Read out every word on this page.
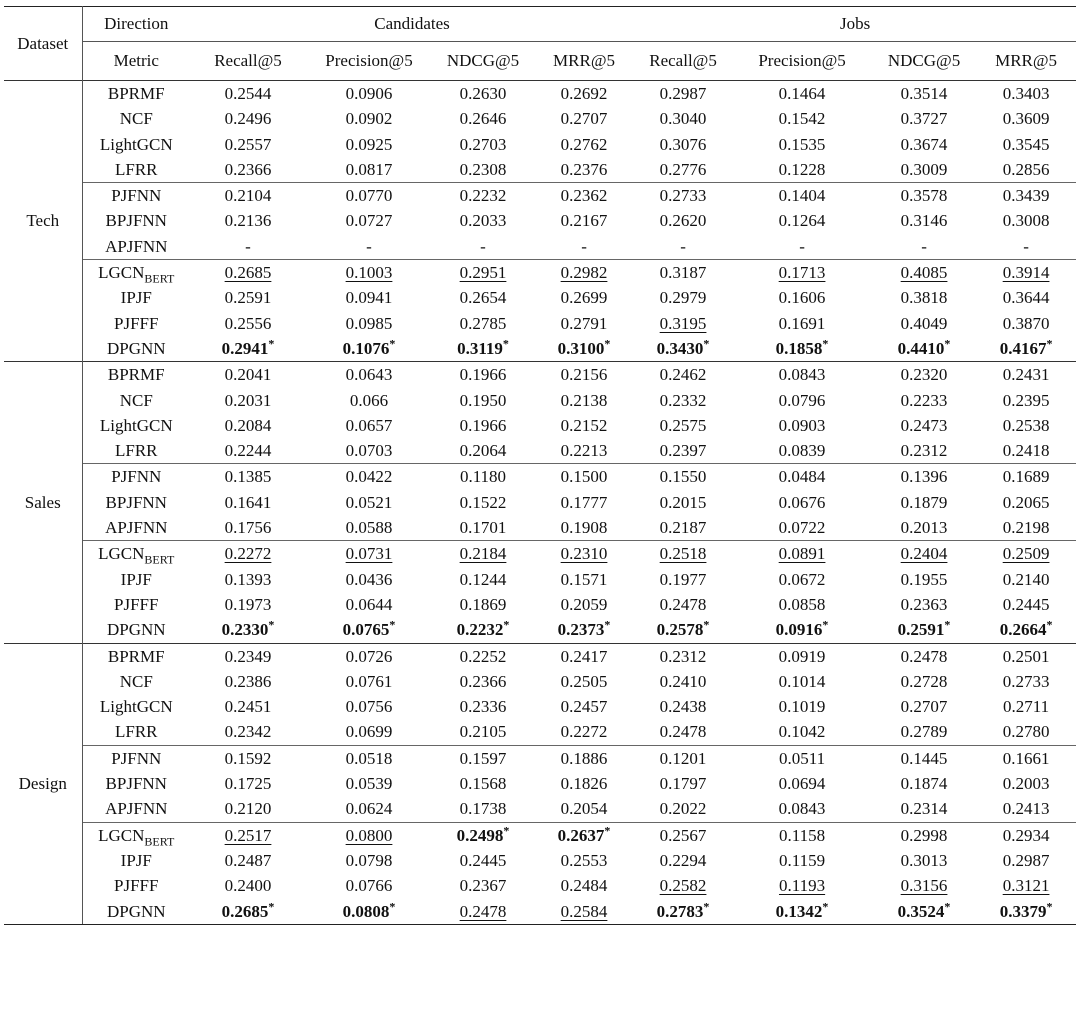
Dataset	Direction	Candidates				Jobs			
	Metric	Recall@5	Precision@5	NDCG@5	MRR@5	Recall@5	Precision@5	NDCG@5	MRR@5
Tech	BPRMF	0.2544	0.0906	0.2630	0.2692	0.2987	0.1464	0.3514	0.3403
	NCF	0.2496	0.0902	0.2646	0.2707	0.3040	0.1542	0.3727	0.3609
	LightGCN	0.2557	0.0925	0.2703	0.2762	0.3076	0.1535	0.3674	0.3545
	LFRR	0.2366	0.0817	0.2308	0.2376	0.2776	0.1228	0.3009	0.2856
	PJFNN	0.2104	0.0770	0.2232	0.2362	0.2733	0.1404	0.3578	0.3439
	BPJFNN	0.2136	0.0727	0.2033	0.2167	0.2620	0.1264	0.3146	0.3008
	APJFNN	-	-	-	-	-	-	-	-
	$LGCN_{BERT}$	0.2685	0.1003	0.2951	0.2982	0.3187	0.1713	0.4085	0.3914
	IPJF	0.2591	0.0941	0.2654	0.2699	0.2979	0.1606	0.3818	0.3644
	PJFFF	0.2556	0.0985	0.2785	0.2791	0.3195	0.1691	0.4049	0.3870
	DPGNN	0.2941*	0.1076*	0.3119*	0.3100*	0.3430*	0.1858*	0.4410*	0.4167*
Sales	BPRMF	0.2041	0.0643	0.1966	0.2156	0.2462	0.0843	0.2320	0.2431
	NCF	0.2031	0.066	0.1950	0.2138	0.2332	0.0796	0.2233	0.2395
	LightGCN	0.2084	0.0657	0.1966	0.2152	0.2575	0.0903	0.2473	0.2538
	LFRR	0.2244	0.0703	0.2064	0.2213	0.2397	0.0839	0.2312	0.2418
	PJFNN	0.1385	0.0422	0.1180	0.1500	0.1550	0.0484	0.1396	0.1689
	BPJFNN	0.1641	0.0521	0.1522	0.1777	0.2015	0.0676	0.1879	0.2065
	APJFNN	0.1756	0.0588	0.1701	0.1908	0.2187	0.0722	0.2013	0.2198
	$LGCN_{BERT}$	0.2272	0.0731	0.2184	0.2310	0.2518	0.0891	0.2404	0.2509
	IPJF	0.1393	0.0436	0.1244	0.1571	0.1977	0.0672	0.1955	0.2140
	PJFFF	0.1973	0.0644	0.1869	0.2059	0.2478	0.0858	0.2363	0.2445
	DPGNN	0.2330*	0.0765*	0.2232*	0.2373*	0.2578*	0.0916*	0.2591*	0.2664*
Design	BPRMF	0.2349	0.0726	0.2252	0.2417	0.2312	0.0919	0.2478	0.2501
	NCF	0.2386	0.0761	0.2366	0.2505	0.2410	0.1014	0.2728	0.2733
	LightGCN	0.2451	0.0756	0.2336	0.2457	0.2438	0.1019	0.2707	0.2711
	LFRR	0.2342	0.0699	0.2105	0.2272	0.2478	0.1042	0.2789	0.2780
	PJFNN	0.1592	0.0518	0.1597	0.1886	0.1201	0.0511	0.1445	0.1661
	BPJFNN	0.1725	0.0539	0.1568	0.1826	0.1797	0.0694	0.1874	0.2003
	APJFNN	0.2120	0.0624	0.1738	0.2054	0.2022	0.0843	0.2314	0.2413
	$LGCN_{BERT}$	0.2517	0.0800	0.2498*	0.2637*	0.2567	0.1158	0.2998	0.2934
	IPJF	0.2487	0.0798	0.2445	0.2553	0.2294	0.1159	0.3013	0.2987
	PJFFF	0.2400	0.0766	0.2367	0.2484	0.2582	0.1193	0.3156	0.3121
	DPGNN	0.2685*	0.0808*	0.2478	0.2584	0.2783*	0.1342*	0.3524*	0.3379*
